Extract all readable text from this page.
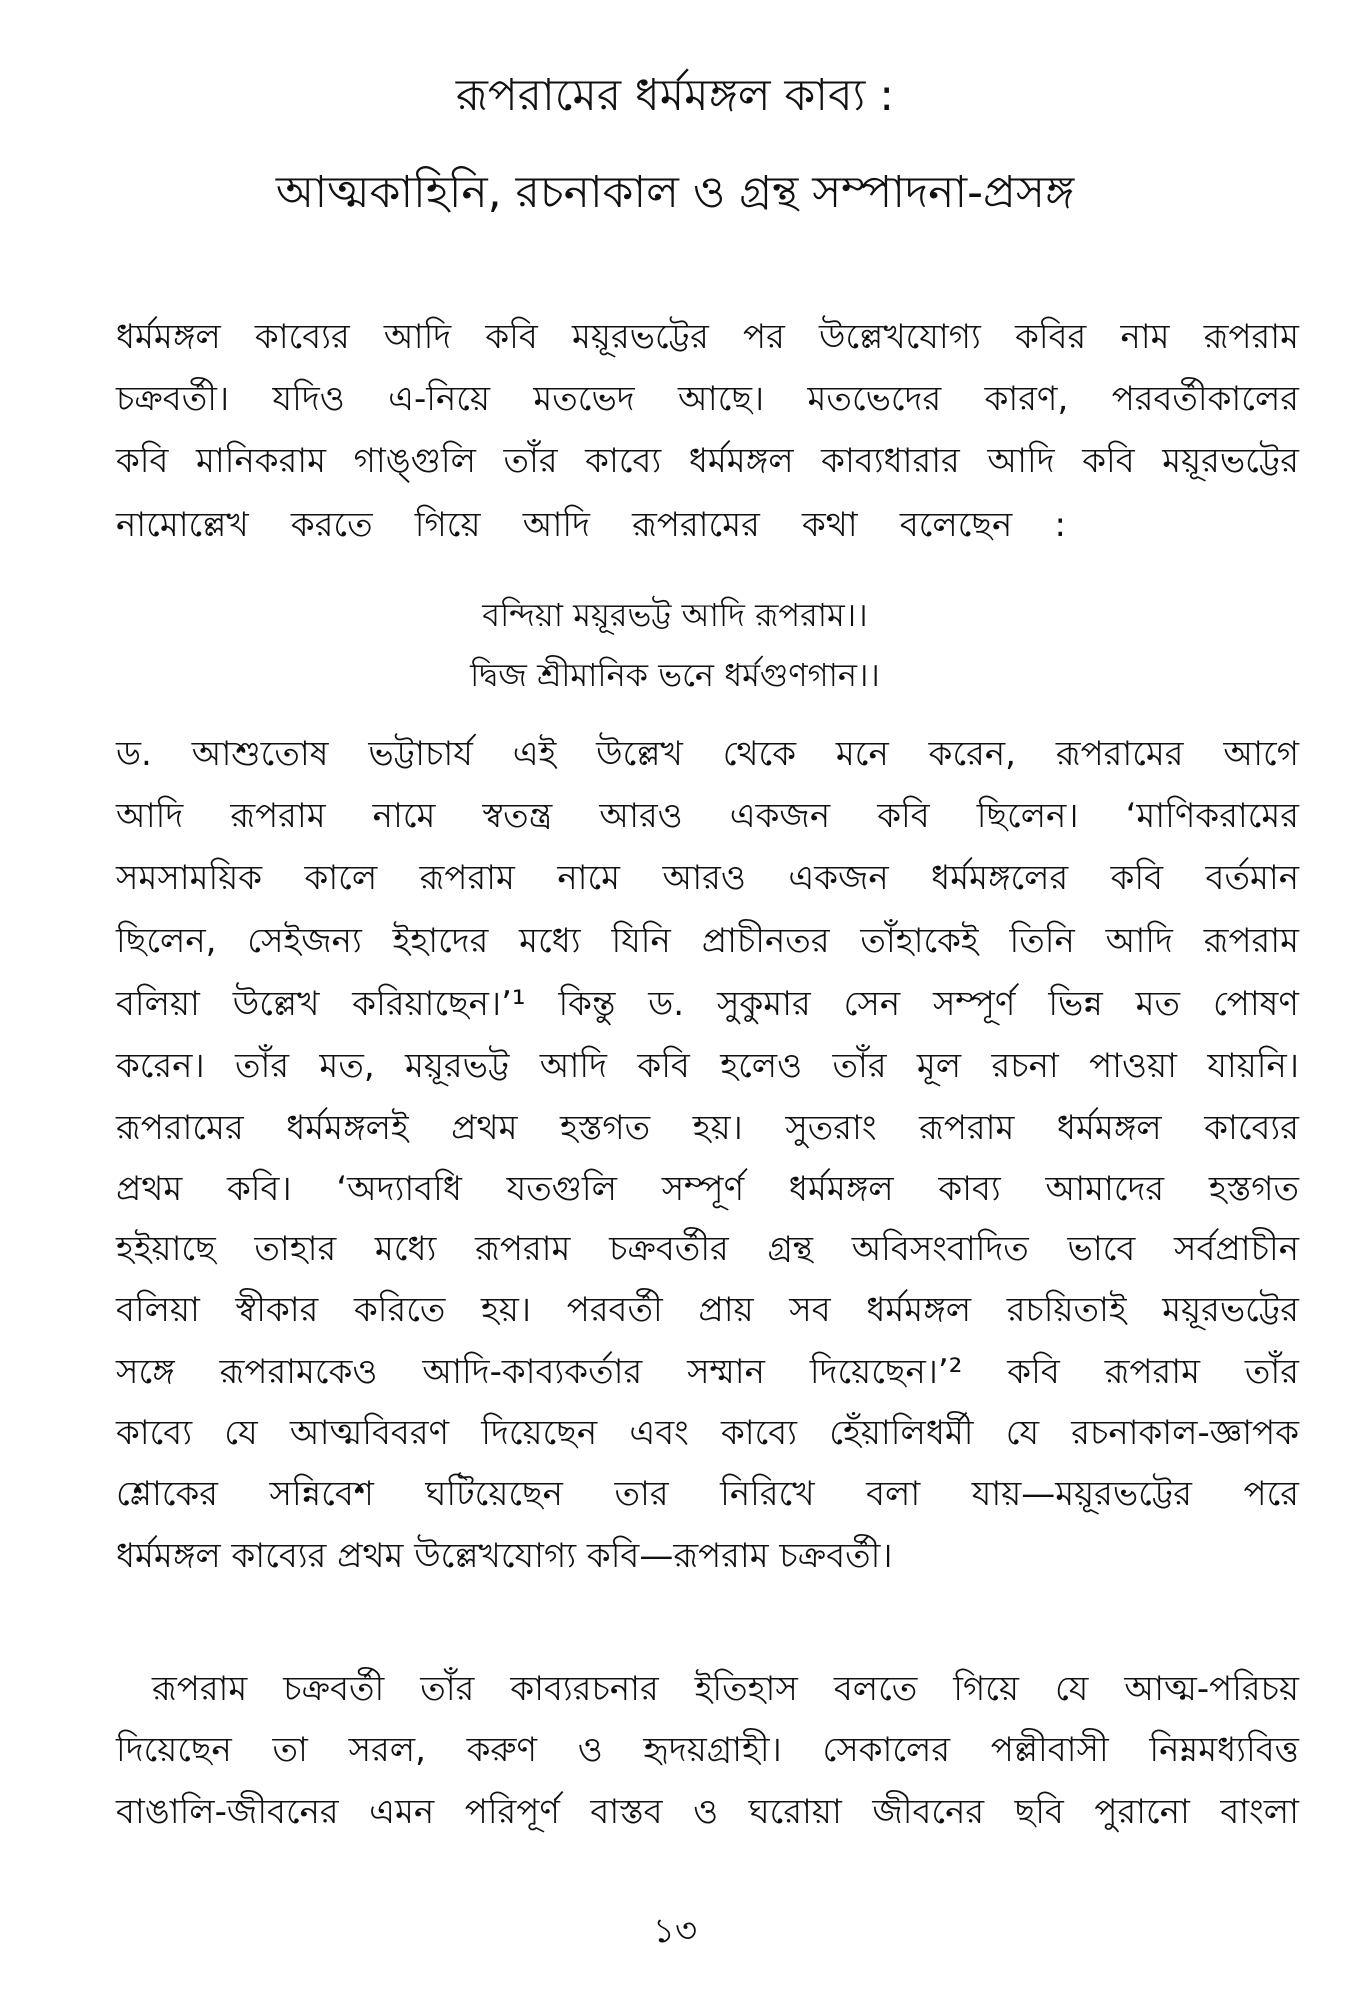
রূপরামের ধর্মমঙ্গল কাব্য :
আত্মকাহিনি, রচনাকাল ও গ্রন্থ সম্পাদনা-প্রসঙ্গ
ধর্মমঙ্গল কাব্যের আদি কবি ময়ূরভট্টের পর উল্লেখযোগ্য কবির নাম রূপরাম
চক্রবর্তী। যদিও এ-নিয়ে মতভেদ আছে। মতভেদের কারণ, পরবর্তীকালের
কবি মানিকরাম গাঙ্গুলি তাঁর কাব্যে ধর্মমঙ্গল কাব্যধারার আদি কবি ময়ূরভট্টের
নামোল্লেখ করতে গিয়ে আদি রূপরামের কথা বলেছেন :
বন্দিয়া ময়ূরভট্ট আদি রূপরাম।।
দ্বিজ শ্রীমানিক ভনে ধর্মগুণগান।।
ড. আশুতোষ ভট্টাচার্য এই উল্লেখ থেকে মনে করেন, রূপরামের আগে
আদি রূপরাম নামে স্বতন্ত্র আরও একজন কবি ছিলেন। ‘মাণিকরামের
সমসাময়িক কালে রূপরাম নামে আরও একজন ধর্মমঙ্গলের কবি বর্তমান
ছিলেন, সেইজন্য ইহাদের মধ্যে যিনি প্রাচীনতর তাঁহাকেই তিনি আদি রূপরাম
বলিয়া উল্লেখ করিয়াছেন।’¹ কিন্তু ড. সুকুমার সেন সম্পূর্ণ ভিন্ন মত পোষণ
করেন। তাঁর মত, ময়ূরভট্ট আদি কবি হলেও তাঁর মূল রচনা পাওয়া যায়নি।
রূপরামের ধর্মমঙ্গলই প্রথম হস্তগত হয়। সুতরাং রূপরাম ধর্মমঙ্গল কাব্যের
প্রথম কবি। ‘অদ্যাবধি যতগুলি সম্পূর্ণ ধর্মমঙ্গল কাব্য আমাদের হস্তগত
হইয়াছে তাহার মধ্যে রূপরাম চক্রবর্তীর গ্রন্থ অবিসংবাদিত ভাবে সর্বপ্রাচীন
বলিয়া স্বীকার করিতে হয়। পরবর্তী প্রায় সব ধর্মমঙ্গল রচয়িতাই ময়ূরভট্টের
সঙ্গে রূপরামকেও আদি-কাব্যকর্তার সম্মান দিয়েছেন।’² কবি রূপরাম তাঁর
কাব্যে যে আত্মবিবরণ দিয়েছেন এবং কাব্যে হেঁয়ালিধর্মী যে রচনাকাল-জ্ঞাপক
শ্লোকের সন্নিবেশ ঘটিয়েছেন তার নিরিখে বলা যায়—ময়ূরভট্টের পরে
ধর্মমঙ্গল কাব্যের প্রথম উল্লেখযোগ্য কবি—রূপরাম চক্রবর্তী।
রূপরাম চক্রবর্তী তাঁর কাব্যরচনার ইতিহাস বলতে গিয়ে যে আত্ম-পরিচয়
দিয়েছেন তা সরল, করুণ ও হৃদয়গ্রাহী। সেকালের পল্লীবাসী নিম্নমধ্যবিত্ত
বাঙালি-জীবনের এমন পরিপূর্ণ বাস্তব ও ঘরোয়া জীবনের ছবি পুরানো বাংলা
১৩
